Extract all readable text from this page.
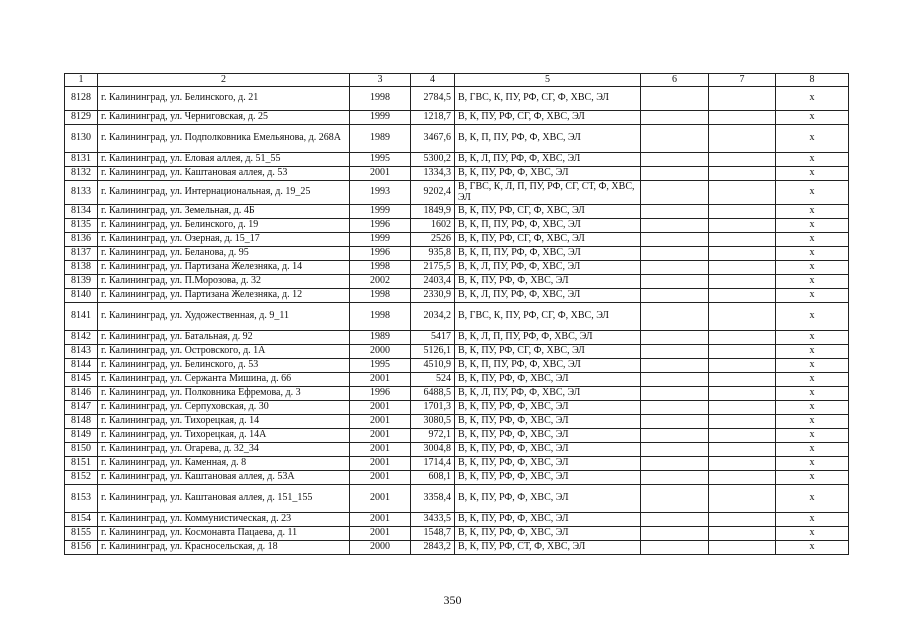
1	2	3	4	5	6	7	8
8128	г. Калининград, ул. Белинского, д. 21	1998	2784,5	В, ГВС, К, ПУ, РФ, СГ, Ф, ХВС, ЭЛ			х
8129	г. Калининград, ул. Черниговская, д. 25	1999	1218,7	В, К, ПУ, РФ, СГ, Ф, ХВС, ЭЛ			х
8130	г. Калининград, ул. Подполковника Емельянова, д. 268А	1989	3467,6	В, К, П, ПУ, РФ, Ф, ХВС, ЭЛ			х
8131	г. Калининград, ул. Еловая аллея, д. 51_55	1995	5300,2	В, К, Л, ПУ, РФ, Ф, ХВС, ЭЛ			х
8132	г. Калининград, ул. Каштановая аллея, д. 53	2001	1334,3	В, К, ПУ, РФ, Ф, ХВС, ЭЛ			х
8133	г. Калининград, ул. Интернациональная, д. 19_25	1993	9202,4	В, ГВС, К, Л, П, ПУ, РФ, СГ, СТ, Ф, ХВС, ЭЛ			х
8134	г. Калининград, ул. Земельная, д. 4Б	1999	1849,9	В, К, ПУ, РФ, СГ, Ф, ХВС, ЭЛ			х
8135	г. Калининград, ул. Белинского, д. 19	1996	1602	В, К, П, ПУ, РФ, Ф, ХВС, ЭЛ			х
8136	г. Калининград, ул. Озерная, д. 15_17	1999	2526	В, К, ПУ, РФ, СГ, Ф, ХВС, ЭЛ			х
8137	г. Калининград, ул. Беланова, д. 95	1996	935,8	В, К, П, ПУ, РФ, Ф, ХВС, ЭЛ			х
8138	г. Калининград, ул. Партизана Железняка, д. 14	1998	2175,5	В, К, Л, ПУ, РФ, Ф, ХВС, ЭЛ			х
8139	г. Калининград, ул. П.Морозова, д. 32	2002	2403,4	В, К, ПУ, РФ, Ф, ХВС, ЭЛ			х
8140	г. Калининград, ул. Партизана Железняка, д. 12	1998	2330,9	В, К, Л, ПУ, РФ, Ф, ХВС, ЭЛ			х
8141	г. Калининград, ул. Художественная, д. 9_11	1998	2034,2	В, ГВС, К, ПУ, РФ, СГ, Ф, ХВС, ЭЛ			х
8142	г. Калининград, ул. Батальная, д. 92	1989	5417	В, К, Л, П, ПУ, РФ, Ф, ХВС, ЭЛ			х
8143	г. Калининград, ул. Островского, д. 1А	2000	5126,1	В, К, ПУ, РФ, СГ, Ф, ХВС, ЭЛ			х
8144	г. Калининград, ул. Белинского, д. 53	1995	4510,9	В, К, П, ПУ, РФ, Ф, ХВС, ЭЛ			х
8145	г. Калининград, ул. Сержанта Мишина, д. 66	2001	524	В, К, ПУ, РФ, Ф, ХВС, ЭЛ			х
8146	г. Калининград, ул. Полковника Ефремова, д. 3	1996	6488,5	В, К, Л, ПУ, РФ, Ф, ХВС, ЭЛ			х
8147	г. Калининград, ул. Серпуховская, д. 30	2001	1701,3	В, К, ПУ, РФ, Ф, ХВС, ЭЛ			х
8148	г. Калининград, ул. Тихорецкая, д. 14	2001	3080,5	В, К, ПУ, РФ, Ф, ХВС, ЭЛ			х
8149	г. Калининград, ул. Тихорецкая, д. 14А	2001	972,1	В, К, ПУ, РФ, Ф, ХВС, ЭЛ			х
8150	г. Калининград, ул. Огарева, д. 32_34	2001	3004,8	В, К, ПУ, РФ, Ф, ХВС, ЭЛ			х
8151	г. Калининград, ул. Каменная, д. 8	2001	1714,4	В, К, ПУ, РФ, Ф, ХВС, ЭЛ			х
8152	г. Калининград, ул. Каштановая аллея, д. 53А	2001	608,1	В, К, ПУ, РФ, Ф, ХВС, ЭЛ			х
8153	г. Калининград, ул. Каштановая аллея, д. 151_155	2001	3358,4	В, К, ПУ, РФ, Ф, ХВС, ЭЛ			х
8154	г. Калининград, ул. Коммунистическая, д. 23	2001	3433,5	В, К, ПУ, РФ, Ф, ХВС, ЭЛ			х
8155	г. Калининград, ул. Космонавта Пацаева, д. 11	2001	1548,7	В, К, ПУ, РФ, Ф, ХВС, ЭЛ			х
8156	г. Калининград, ул. Красносельская, д. 18	2000	2843,2	В, К, ПУ, РФ, СТ, Ф, ХВС, ЭЛ			х
350
